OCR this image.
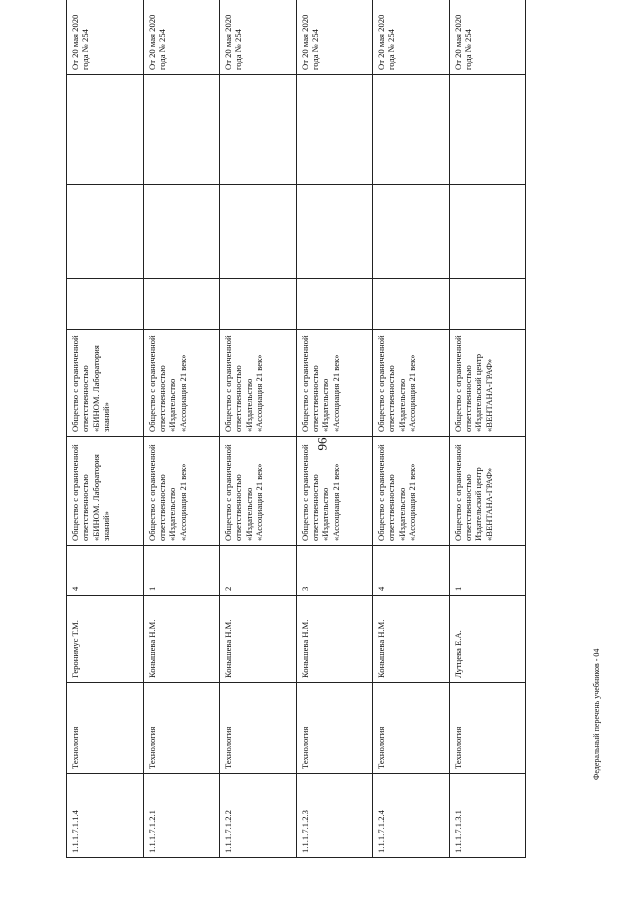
96
1.1.1.7.1.1.4	Технология	Геронимус Т.М.	4	Общество с ограниченной ответственностью «БИНОМ. Лаборатория знаний»	Общество с ограниченной ответственностью «БИНОМ. Лаборатория знаний»				От 20 мая 2020 года № 254	
1.1.1.7.1.2.1	Технология	Конышева Н.М.	1	Общество с ограниченной ответственностью «Издательство «Ассоциация 21 век»	Общество с ограниченной ответственностью «Издательство «Ассоциация 21 век»				От 20 мая 2020 года № 254	
1.1.1.7.1.2.2	Технология	Конышева Н.М.	2	Общество с ограниченной ответственностью «Издательство «Ассоциация 21 век»	Общество с ограниченной ответственностью «Издательство «Ассоциация 21 век»				От 20 мая 2020 года № 254	
1.1.1.7.1.2.3	Технология	Конышева Н.М.	3	Общество с ограниченной ответственностью «Издательство «Ассоциация 21 век»	Общество с ограниченной ответственностью «Издательство «Ассоциация 21 век»				От 20 мая 2020 года № 254	
1.1.1.7.1.2.4	Технология	Конышева Н.М.	4	Общество с ограниченной ответственностью «Издательство «Ассоциация 21 век»	Общество с ограниченной ответственностью «Издательство «Ассоциация 21 век»				От 20 мая 2020 года № 254	
1.1.1.7.1.3.1	Технология	Лутцева Е.А.	1	Общество с ограниченной ответственностью Издательский центр «ВЕНТАНА-ГРАФ»	Общество с ограниченной ответственностью «Издательский центр «ВЕНТАНА-ГРАФ»				От 20 мая 2020 года № 254	
Федеральный перечень учебников - 04
